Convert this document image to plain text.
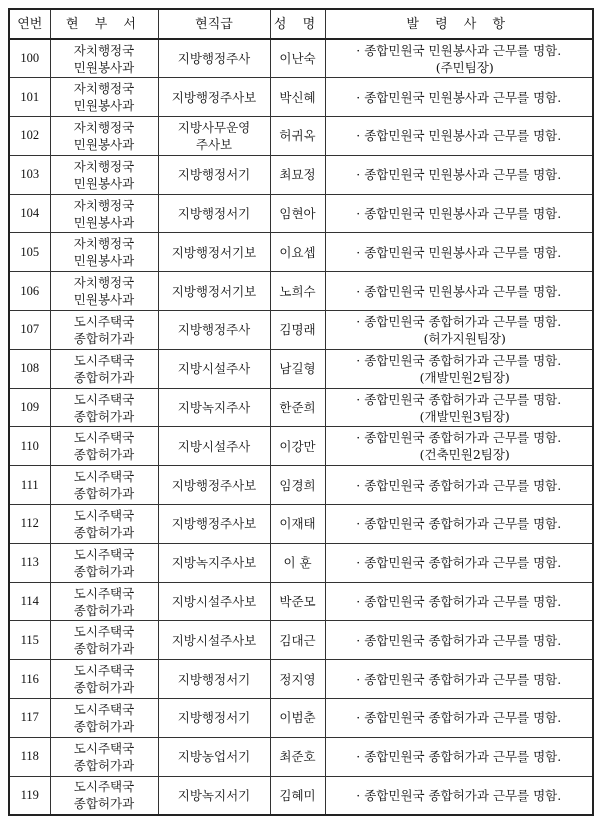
연번	현 부 서	현직급	성 명	발 령 사 항
100	자치행정국
민원봉사과	지방행정주사	이난숙	· 종합민원국 민원봉사과 근무를 명함.
(주민팀장)

101	자치행정국
민원봉사과	지방행정주사보	박신혜	· 종합민원국 민원봉사과 근무를 명함.

102	자치행정국
민원봉사과	지방사무운영
주사보	허귀옥	· 종합민원국 민원봉사과 근무를 명함.

103	자치행정국
민원봉사과	지방행정서기	최묘정	· 종합민원국 민원봉사과 근무를 명함.

104	자치행정국
민원봉사과	지방행정서기	임현아	· 종합민원국 민원봉사과 근무를 명함.

105	자치행정국
민원봉사과	지방행정서기보	이요셉	· 종합민원국 민원봉사과 근무를 명함.

106	자치행정국
민원봉사과	지방행정서기보	노희수	· 종합민원국 민원봉사과 근무를 명함.

107	도시주택국
종합허가과	지방행정주사	김명래	· 종합민원국 종합허가과 근무를 명함.
(허가지원팀장)

108	도시주택국
종합허가과	지방시설주사	남길형	· 종합민원국 종합허가과 근무를 명함.
(개발민원2팀장)

109	도시주택국
종합허가과	지방녹지주사	한준희	· 종합민원국 종합허가과 근무를 명함.
(개발민원3팀장)

110	도시주택국
종합허가과	지방시설주사	이강만	· 종합민원국 종합허가과 근무를 명함.
(건축민원2팀장)

111	도시주택국
종합허가과	지방행정주사보	임경희	· 종합민원국 종합허가과 근무를 명함.

112	도시주택국
종합허가과	지방행정주사보	이재태	· 종합민원국 종합허가과 근무를 명함.

113	도시주택국
종합허가과	지방녹지주사보	이 훈	· 종합민원국 종합허가과 근무를 명함.

114	도시주택국
종합허가과	지방시설주사보	박준모	· 종합민원국 종합허가과 근무를 명함.

115	도시주택국
종합허가과	지방시설주사보	김대근	· 종합민원국 종합허가과 근무를 명함.

116	도시주택국
종합허가과	지방행정서기	정지영	· 종합민원국 종합허가과 근무를 명함.

117	도시주택국
종합허가과	지방행정서기	이범춘	· 종합민원국 종합허가과 근무를 명함.

118	도시주택국
종합허가과	지방농업서기	최준호	· 종합민원국 종합허가과 근무를 명함.

119	도시주택국
종합허가과	지방녹지서기	김혜미	· 종합민원국 종합허가과 근무를 명함.
